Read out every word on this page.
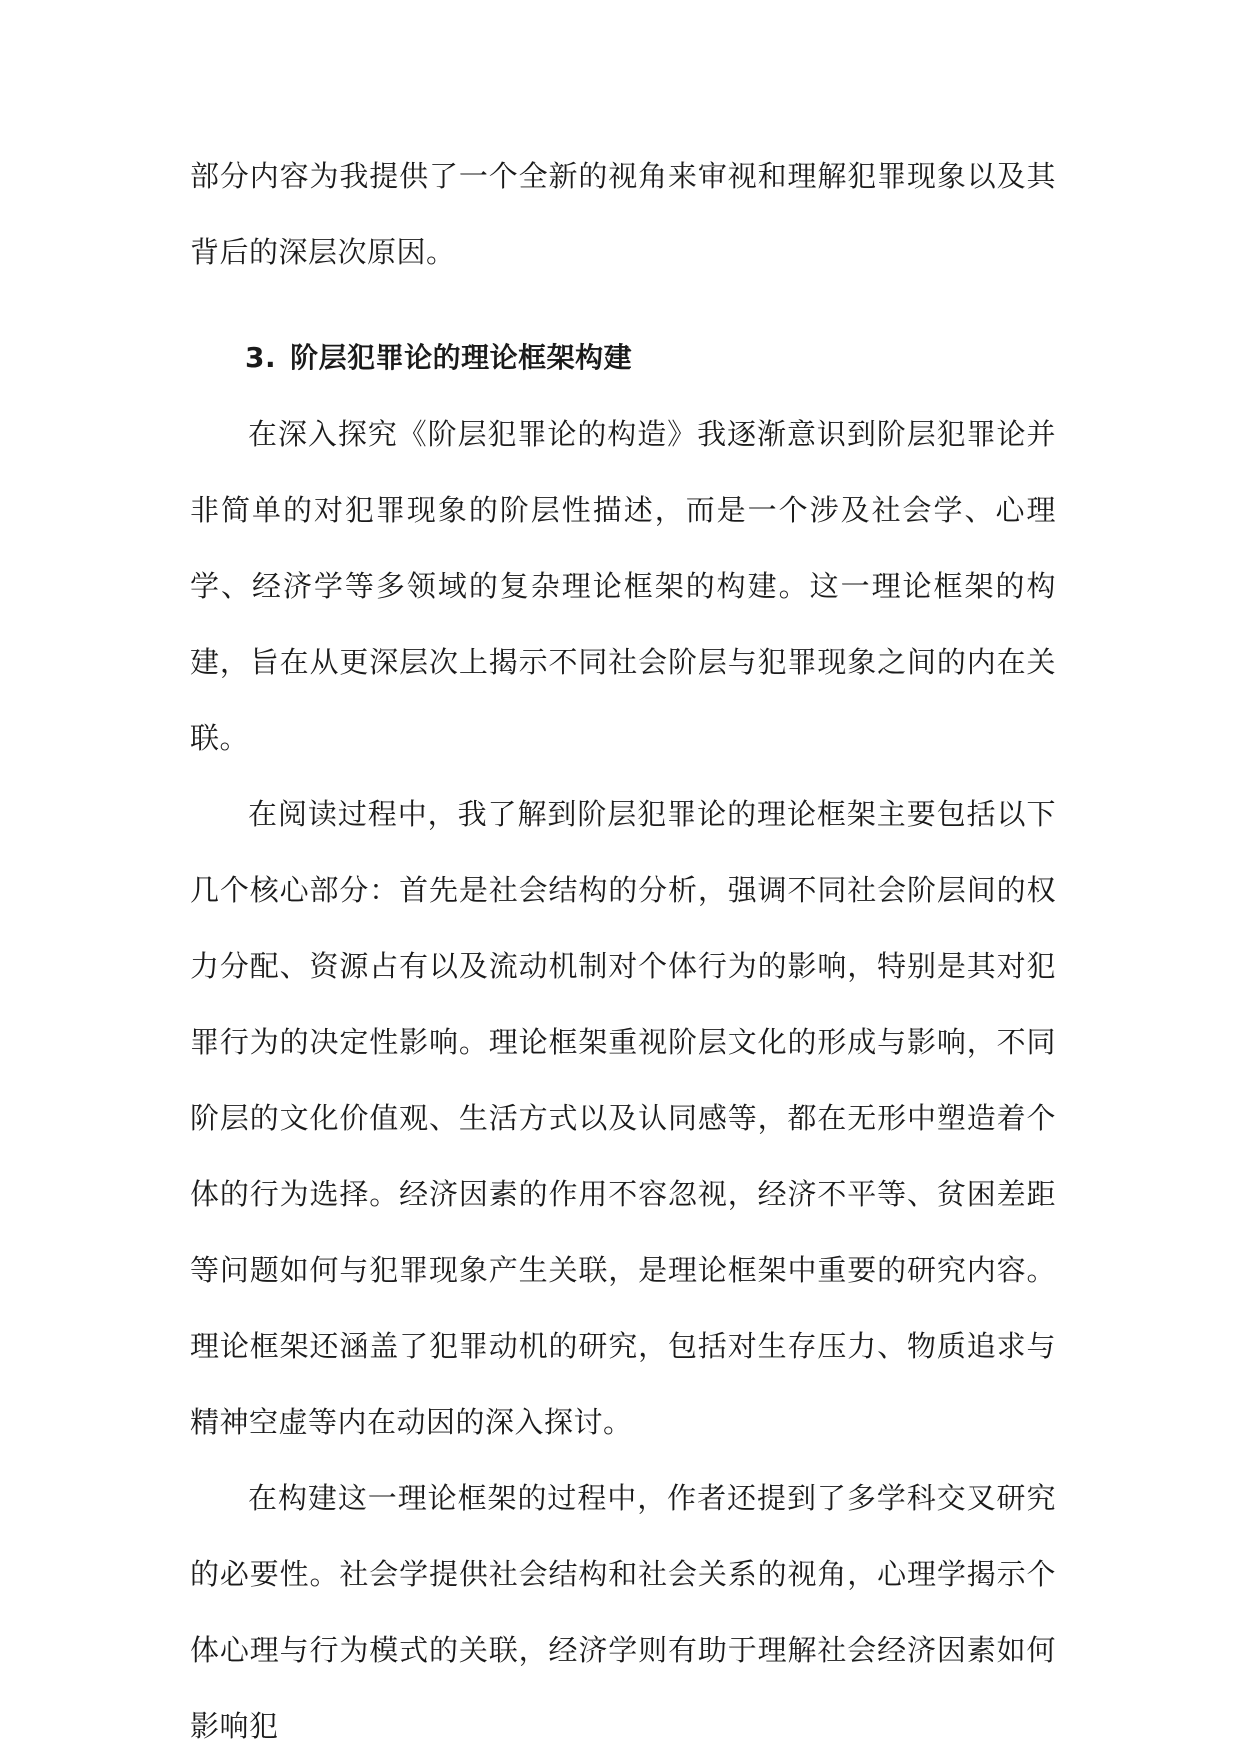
部分内容为我提供了一个全新的视角来审视和理解犯罪现象以及其背后的深层次原因。

3. 阶层犯罪论的理论框架构建

在深入探究《阶层犯罪论的构造》我逐渐意识到阶层犯罪论并非简单的对犯罪现象的阶层性描述，而是一个涉及社会学、心理学、经济学等多领域的复杂理论框架的构建。这一理论框架的构建，旨在从更深层次上揭示不同社会阶层与犯罪现象之间的内在关联。

在阅读过程中，我了解到阶层犯罪论的理论框架主要包括以下几个核心部分：首先是社会结构的分析，强调不同社会阶层间的权力分配、资源占有以及流动机制对个体行为的影响，特别是其对犯罪行为的决定性影响。理论框架重视阶层文化的形成与影响，不同阶层的文化价值观、生活方式以及认同感等，都在无形中塑造着个体的行为选择。经济因素的作用不容忽视，经济不平等、贫困差距等问题如何与犯罪现象产生关联，是理论框架中重要的研究内容。理论框架还涵盖了犯罪动机的研究，包括对生存压力、物质追求与精神空虚等内在动因的深入探讨。

在构建这一理论框架的过程中，作者还提到了多学科交叉研究的必要性。社会学提供社会结构和社会关系的视角，心理学揭示个体心理与行为模式的关联，经济学则有助于理解社会经济因素如何影响犯
